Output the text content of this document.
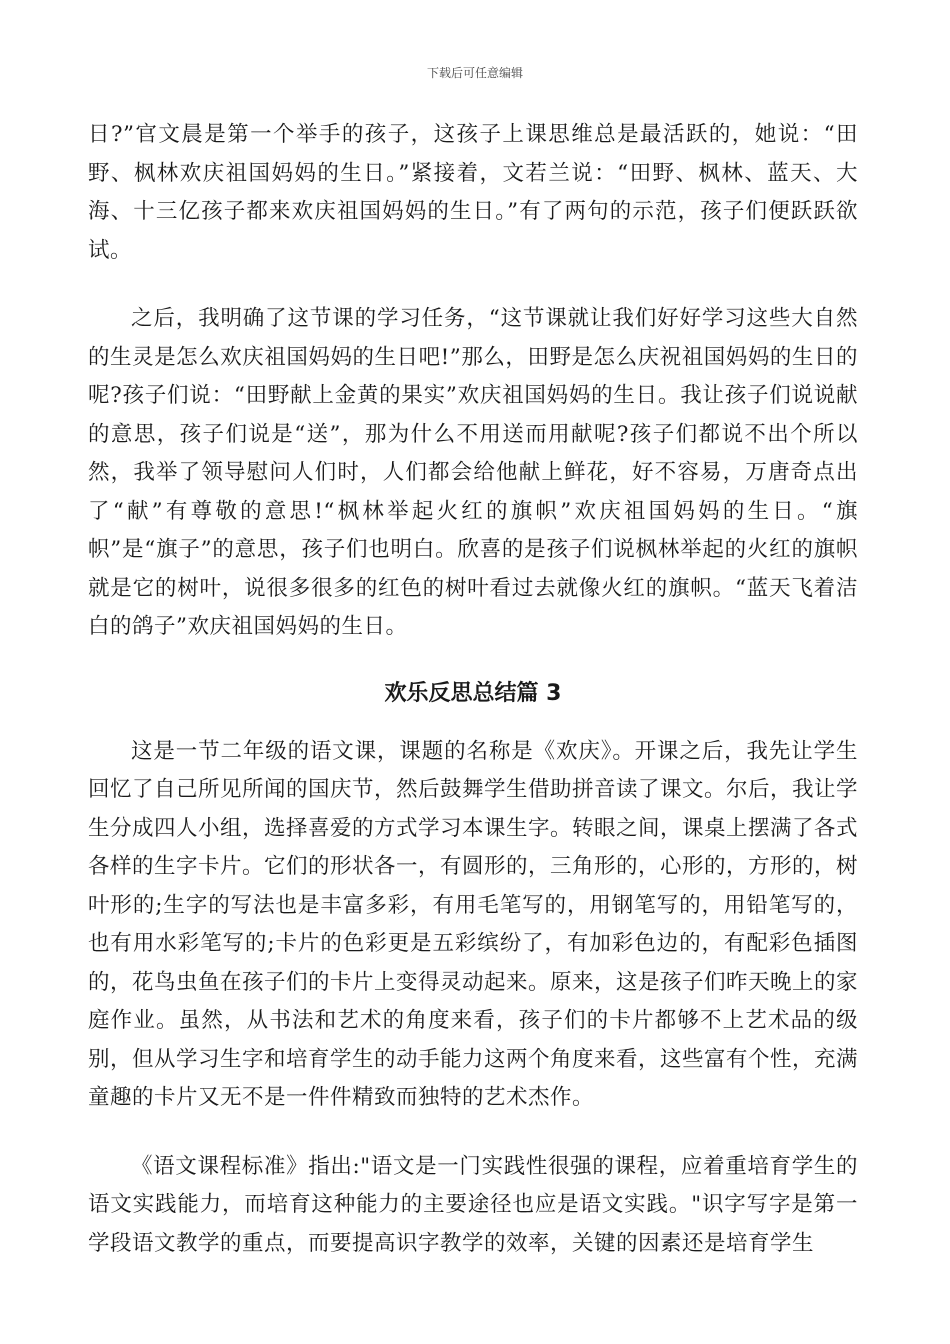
下载后可任意编辑

日?”官文晨是第一个举手的孩子，这孩子上课思维总是最活跃的，她说：“田野、枫林欢庆祖国妈妈的生日。”紧接着，文若兰说：“田野、枫林、蓝天、大海、十三亿孩子都来欢庆祖国妈妈的生日。”有了两句的示范，孩子们便跃跃欲试。

之后，我明确了这节课的学习任务，“这节课就让我们好好学习这些大自然的生灵是怎么欢庆祖国妈妈的生日吧!”那么，田野是怎么庆祝祖国妈妈的生日的呢?孩子们说：“田野献上金黄的果实”欢庆祖国妈妈的生日。我让孩子们说说献的意思，孩子们说是“送”，那为什么不用送而用献呢?孩子们都说不出个所以然，我举了领导慰问人们时，人们都会给他献上鲜花，好不容易，万唐奇点出了“献”有尊敬的意思!“枫林举起火红的旗帜”欢庆祖国妈妈的生日。“旗帜”是“旗子”的意思，孩子们也明白。欣喜的是孩子们说枫林举起的火红的旗帜就是它的树叶，说很多很多的红色的树叶看过去就像火红的旗帜。“蓝天飞着洁白的鸽子”欢庆祖国妈妈的生日。

欢乐反思总结篇 3

这是一节二年级的语文课，课题的名称是《欢庆》。开课之后，我先让学生回忆了自己所见所闻的国庆节，然后鼓舞学生借助拼音读了课文。尔后，我让学生分成四人小组，选择喜爱的方式学习本课生字。转眼之间，课桌上摆满了各式各样的生字卡片。它们的形状各一，有圆形的，三角形的，心形的，方形的，树叶形的;生字的写法也是丰富多彩，有用毛笔写的，用钢笔写的，用铅笔写的，也有用水彩笔写的;卡片的色彩更是五彩缤纷了，有加彩色边的，有配彩色插图的，花鸟虫鱼在孩子们的卡片上变得灵动起来。原来，这是孩子们昨天晚上的家庭作业。虽然，从书法和艺术的角度来看，孩子们的卡片都够不上艺术品的级别，但从学习生字和培育学生的动手能力这两个角度来看，这些富有个性，充满童趣的卡片又无不是一件件精致而独特的艺术杰作。

《语文课程标准》指出:"语文是一门实践性很强的课程，应着重培育学生的语文实践能力，而培育这种能力的主要途径也应是语文实践。"识字写字是第一学段语文教学的重点，而要提高识字教学的效率，关键的因素还是培育学生
